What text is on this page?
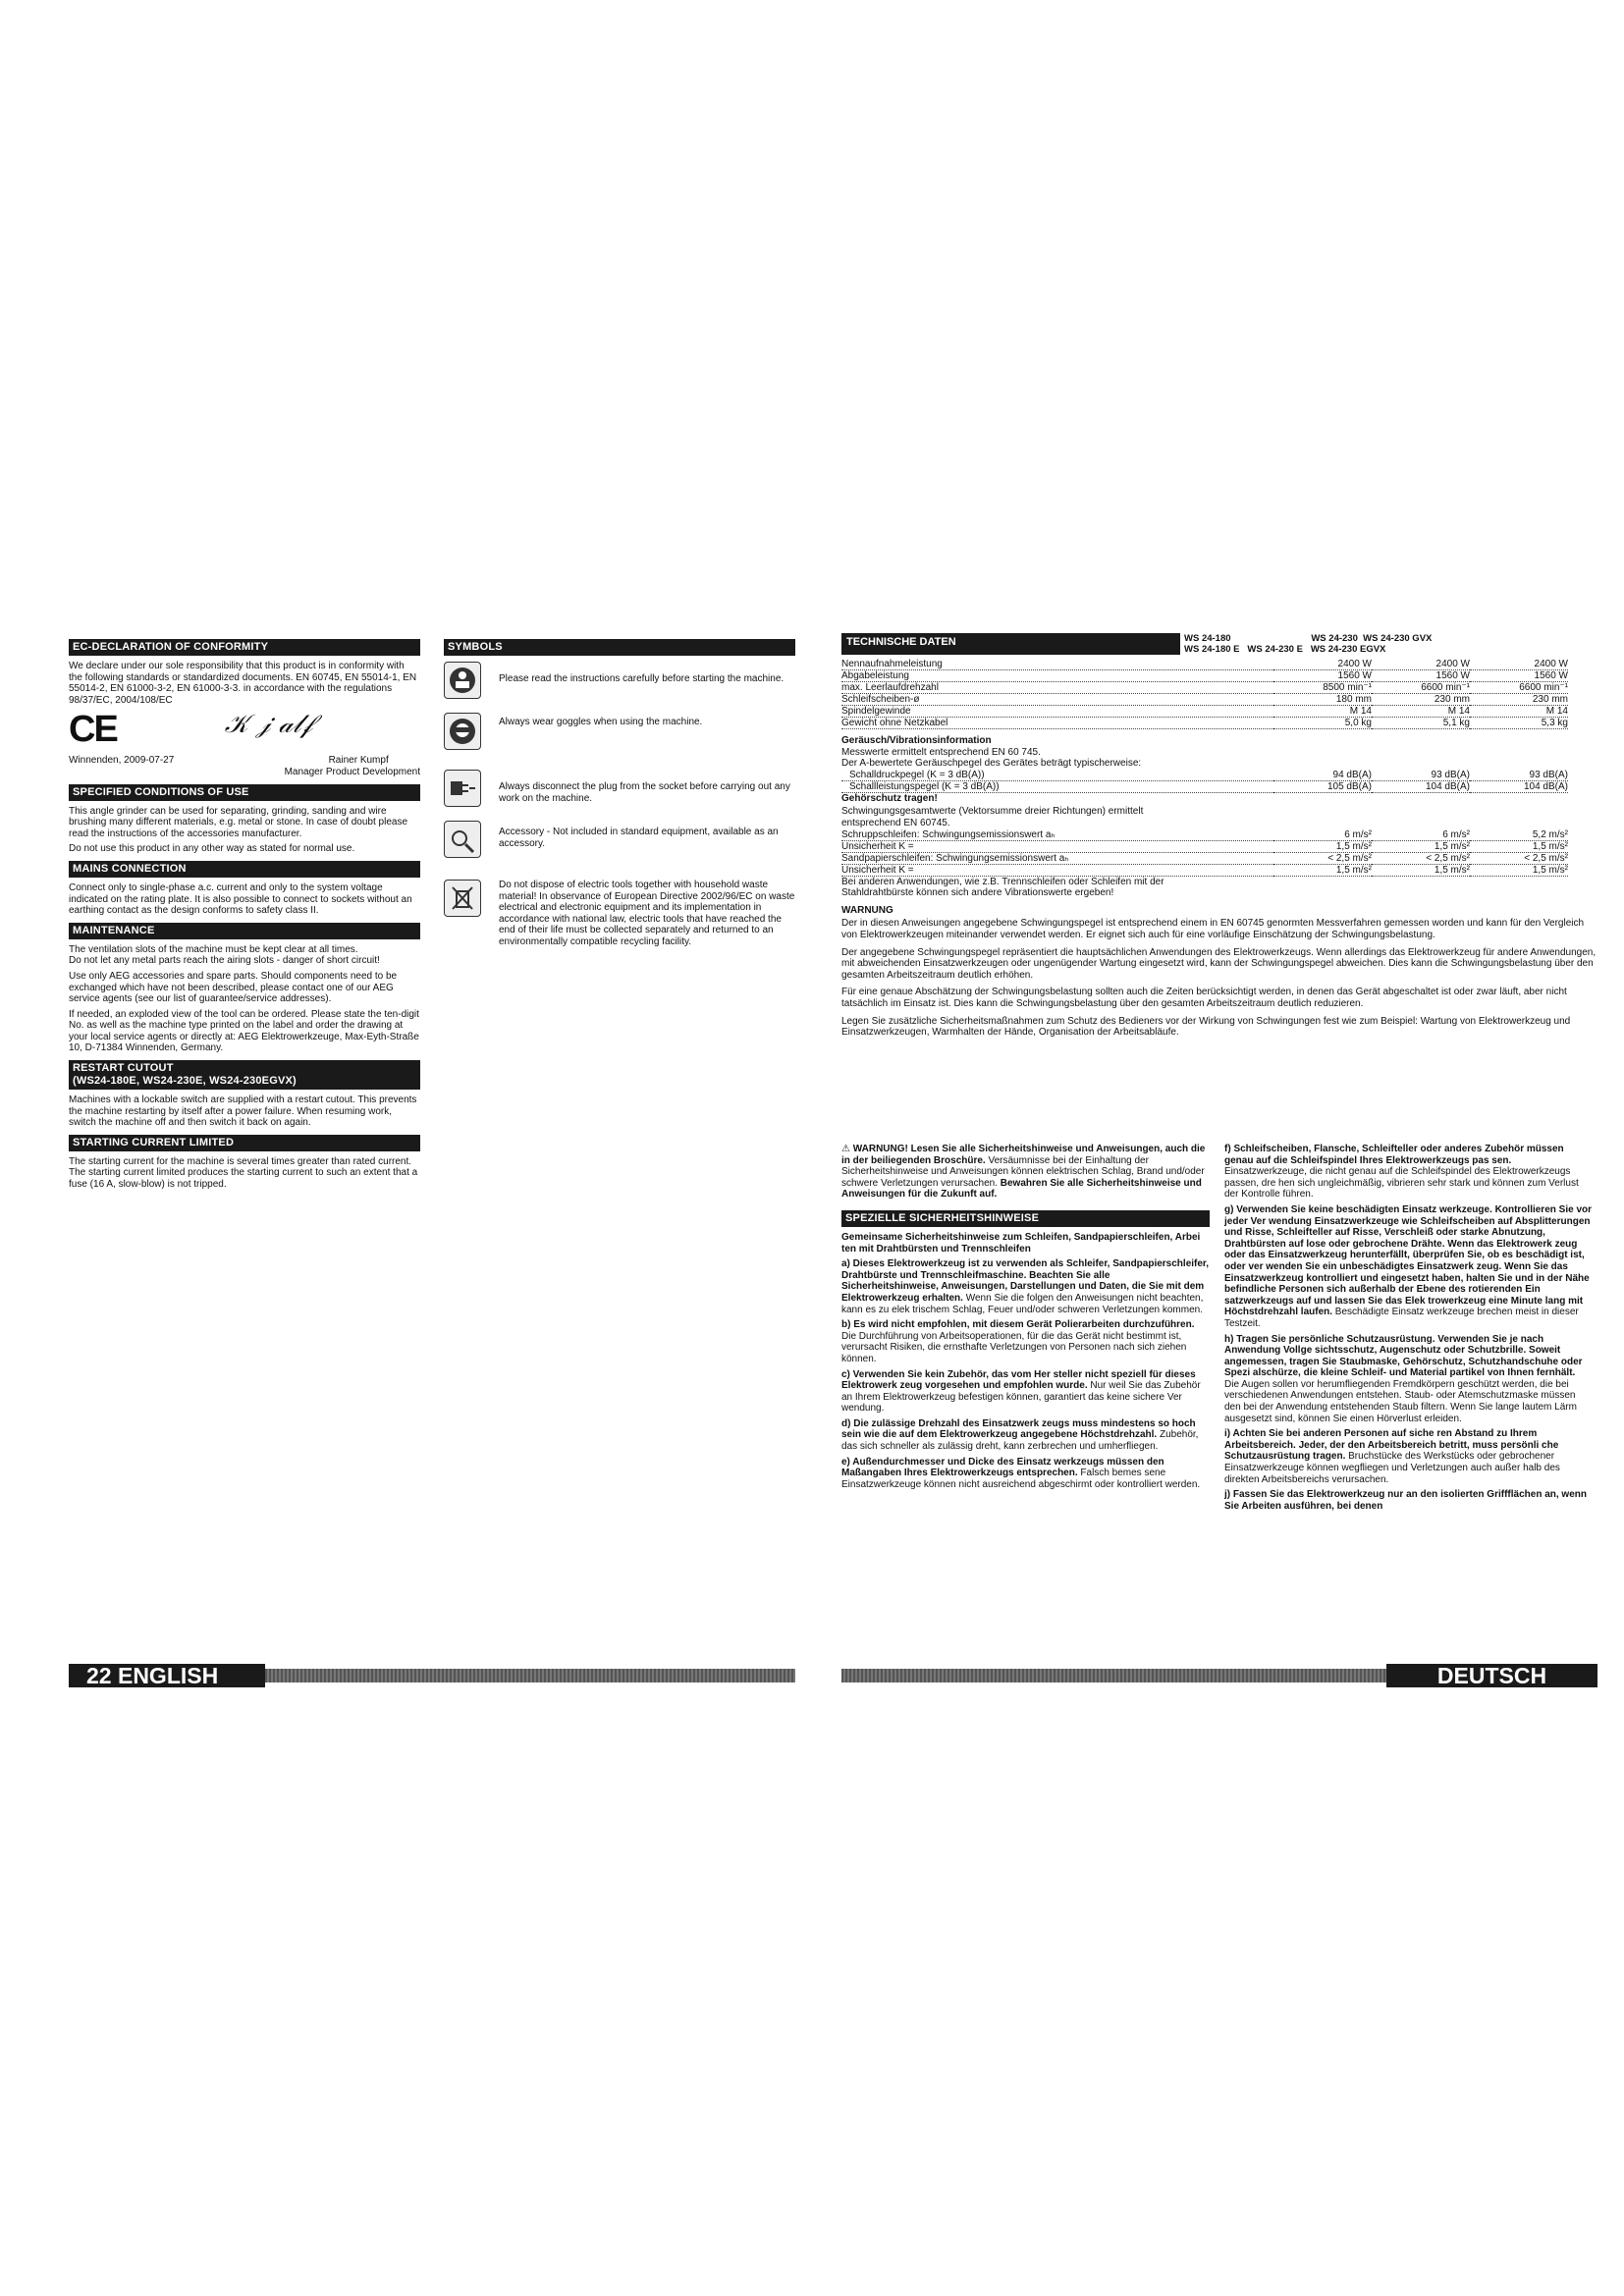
EC-DECLARATION OF CONFORMITY

We declare under our sole responsibility that this product is in conformity with the following standards or standardized documents. EN 60745, EN 55014-1, EN 55014-2, EN 61000-3-2, EN 61000-3-3. in accordance with the regulations 98/37/EC, 2004/108/EC

CE	𝒦 𝒿 𝒶𝓁𝒻
Winnenden, 2009-07-27	Rainer Kumpf
Manager Product Development
SPECIFIED CONDITIONS OF USE

This angle grinder can be used for separating, grinding, sanding and wire brushing many different materials, e.g. metal or stone. In case of doubt please read the instructions of the accessories manufacturer.

Do not use this product in any other way as stated for normal use.

MAINS CONNECTION

Connect only to single-phase a.c. current and only to the system voltage indicated on the rating plate. It is also possible to connect to sockets without an earthing contact as the design conforms to safety class II.

MAINTENANCE

The ventilation slots of the machine must be kept clear at all times.

Do not let any metal parts reach the airing slots - danger of short circuit!

Use only AEG accessories and spare parts. Should components need to be exchanged which have not been described, please contact one of our AEG service agents (see our list of guarantee/service addresses).

If needed, an exploded view of the tool can be ordered. Please state the ten-digit No. as well as the machine type printed on the label and order the drawing at your local service agents or directly at: AEG Elektrowerkzeuge, Max-Eyth-Straße 10, D-71384 Winnenden, Germany.

RESTART CUTOUT
(WS24-180E, WS24-230E, WS24-230EGVX)

Machines with a lockable switch are supplied with a restart cutout. This prevents the machine restarting by itself after a power failure. When resuming work, switch the machine off and then switch it back on again.

STARTING CURRENT LIMITED

The starting current for the machine is several times greater than rated current. The starting current limited produces the starting current to such an extent that a fuse (16 A, slow-blow) is not tripped.

SYMBOLS
Please read the instructions carefully before starting the machine.
Always wear goggles when using the machine.
Always disconnect the plug from the socket before carrying out any work on the machine.
Accessory - Not included in standard equipment, available as an accessory.
Do not dispose of electric tools together with household waste material! In observance of European Directive 2002/96/EC on waste electrical and electronic equipment and its implementation in accordance with national law, electric tools that have reached the end of their life must be collected separately and returned to an environmentally compatible recycling facility.
22 ENGLISH
TECHNISCHE DATEN	WS 24-180                               WS 24-230  WS 24-230 GVX
WS 24-180 E   WS 24-230 E   WS 24-230 EGVX
Nennaufnahmeleistung	2400 W	2400 W	2400 W
Abgabeleistung	1560 W	1560 W	1560 W
max. Leerlaufdrehzahl	8500 min⁻¹	6600 min⁻¹	6600 min⁻¹
Schleifscheiben-ø	180 mm	230 mm	230 mm
Spindelgewinde	M 14	M 14	M 14
Gewicht ohne Netzkabel	5,0 kg	5,1 kg	5,3 kg

Geräusch/Vibrationsinformation

Messwerte ermittelt entsprechend EN 60 745.

Der A-bewertete Geräuschpegel des Gerätes beträgt typischerweise:

Schalldruckpegel (K = 3 dB(A))	94 dB(A)	93 dB(A)	93 dB(A)
Schallleistungspegel (K = 3 dB(A))	105 dB(A)	104 dB(A)	104 dB(A)

Gehörschutz tragen!

Schwingungsgesamtwerte (Vektorsumme dreier Richtungen) ermittelt entsprechend EN 60745.

Schruppschleifen: Schwingungsemissionswert aₕ	6 m/s²	6 m/s²	5,2 m/s²
Unsicherheit K =	1,5 m/s²	1,5 m/s²	1,5 m/s²
Sandpapierschleifen: Schwingungsemissionswert aₕ	< 2,5 m/s²	< 2,5 m/s²	< 2,5 m/s²
Unsicherheit K =	1,5 m/s²	1,5 m/s²	1,5 m/s²

Bei anderen Anwendungen, wie z.B. Trennschleifen oder Schleifen mit der Stahldrahtbürste können sich andere Vibrationswerte ergeben!

WARNUNG

Der in diesen Anweisungen angegebene Schwingungspegel ist entsprechend einem in EN 60745 genormten Messverfahren gemessen worden und kann für den Vergleich von Elektrowerkzeugen miteinander verwendet werden. Er eignet sich auch für eine vorläufige Einschätzung der Schwingungsbelastung.

Der angegebene Schwingungspegel repräsentiert die hauptsächlichen Anwendungen des Elektrowerkzeugs. Wenn allerdings das Elektrowerkzeug für andere Anwendungen, mit abweichenden Einsatzwerkzeugen oder ungenügender Wartung eingesetzt wird, kann der Schwingungspegel abweichen. Dies kann die Schwingungsbelastung über den gesamten Arbeitszeitraum deutlich erhöhen.

Für eine genaue Abschätzung der Schwingungsbelastung sollten auch die Zeiten berücksichtigt werden, in denen das Gerät abgeschaltet ist oder zwar läuft, aber nicht tatsächlich im Einsatz ist. Dies kann die Schwingungsbelastung über den gesamten Arbeitszeitraum deutlich reduzieren.

Legen Sie zusätzliche Sicherheitsmaßnahmen zum Schutz des Bedieners vor der Wirkung von Schwingungen fest wie zum Beispiel: Wartung von Elektrowerkzeug und Einsatzwerkzeugen, Warmhalten der Hände, Organisation der Arbeitsabläufe.

⚠ WARNUNG! Lesen Sie alle Sicherheitshinweise und Anweisungen, auch die in der beiliegenden Broschüre. Versäumnisse bei der Einhaltung der Sicherheitshinweise und Anweisungen können elektrischen Schlag, Brand und/oder schwere Verletzungen verursachen. Bewahren Sie alle Sicherheitshinweise und Anweisungen für die Zukunft auf.

SPEZIELLE SICHERHEITSHINWEISE

Gemeinsame Sicherheitshinweise zum Schleifen, Sandpapierschleifen, Arbei ten mit Drahtbürsten und Trennschleifen

a) Dieses Elektrowerkzeug ist zu verwenden als Schleifer, Sandpapierschleifer, Drahtbürste und Trennschleifmaschine. Beachten Sie alle Sicherheitshinweise, Anweisungen, Darstellungen und Daten, die Sie mit dem Elektrowerkzeug erhalten. Wenn Sie die folgen den Anweisungen nicht beachten, kann es zu elek trischem Schlag, Feuer und/oder schweren Verletzungen kommen.

b) Es wird nicht empfohlen, mit diesem Gerät Polierarbeiten durchzuführen. Die Durchführung von Arbeitsoperationen, für die das Gerät nicht bestimmt ist, verursacht Risiken, die ernsthafte Verletzungen von Personen nach sich ziehen können.

c) Verwenden Sie kein Zubehör, das vom Her steller nicht speziell für dieses Elektrowerk zeug vorgesehen und empfohlen wurde. Nur weil Sie das Zubehör an Ihrem Elektrowerkzeug befestigen können, garantiert das keine sichere Ver wendung.

d) Die zulässige Drehzahl des Einsatzwerk zeugs muss mindestens so hoch sein wie die auf dem Elektrowerkzeug angegebene Höchstdrehzahl. Zubehör, das sich schneller als zulässig dreht, kann zerbrechen und umherfliegen.

e) Außendurchmesser und Dicke des Einsatz werkzeugs müssen den Maßangaben Ihres Elektrowerkzeugs entsprechen. Falsch bemes sene Einsatzwerkzeuge können nicht ausreichend abgeschirmt oder kontrolliert werden.

f) Schleifscheiben, Flansche, Schleifteller oder anderes Zubehör müssen genau auf die Schleifspindel Ihres Elektrowerkzeugs pas sen. Einsatzwerkzeuge, die nicht genau auf die Schleifspindel des Elektrowerkzeugs passen, dre hen sich ungleichmäßig, vibrieren sehr stark und können zum Verlust der Kontrolle führen.

g) Verwenden Sie keine beschädigten Einsatz werkzeuge. Kontrollieren Sie vor jeder Ver wendung Einsatzwerkzeuge wie Schleifscheiben auf Absplitterungen und Risse, Schleifteller auf Risse, Verschleiß oder starke Abnutzung, Drahtbürsten auf lose oder gebrochene Drähte. Wenn das Elektrowerk zeug oder das Einsatzwerkzeug herunterfällt, überprüfen Sie, ob es beschädigt ist, oder ver wenden Sie ein unbeschädigtes Einsatzwerk zeug. Wenn Sie das Einsatzwerkzeug kontrolliert und eingesetzt haben, halten Sie und in der Nähe befindliche Personen sich außerhalb der Ebene des rotierenden Ein satzwerkzeugs auf und lassen Sie das Elek trowerkzeug eine Minute lang mit Höchstdrehzahl laufen. Beschädigte Einsatz werkzeuge brechen meist in dieser Testzeit.

h) Tragen Sie persönliche Schutzausrüstung. Verwenden Sie je nach Anwendung Vollge sichtsschutz, Augenschutz oder Schutzbrille. Soweit angemessen, tragen Sie Staubmaske, Gehörschutz, Schutzhandschuhe oder Spezi alschürze, die kleine Schleif- und Material partikel von Ihnen fernhält. Die Augen sollen vor herumfliegenden Fremdkörpern geschützt werden, die bei verschiedenen Anwendungen entstehen. Staub- oder Atemschutzmaske müssen den bei der Anwendung entstehenden Staub filtern. Wenn Sie lange lautem Lärm ausgesetzt sind, können Sie einen Hörverlust erleiden.

i) Achten Sie bei anderen Personen auf siche ren Abstand zu Ihrem Arbeitsbereich. Jeder, der den Arbeitsbereich betritt, muss persönli che Schutzausrüstung tragen. Bruchstücke des Werkstücks oder gebrochener Einsatzwerkzeuge können wegfliegen und Verletzungen auch außer halb des direkten Arbeitsbereichs verursachen.

j) Fassen Sie das Elektrowerkzeug nur an den isolierten Griffflächen an, wenn Sie Arbeiten ausführen, bei denen

DEUTSCH
